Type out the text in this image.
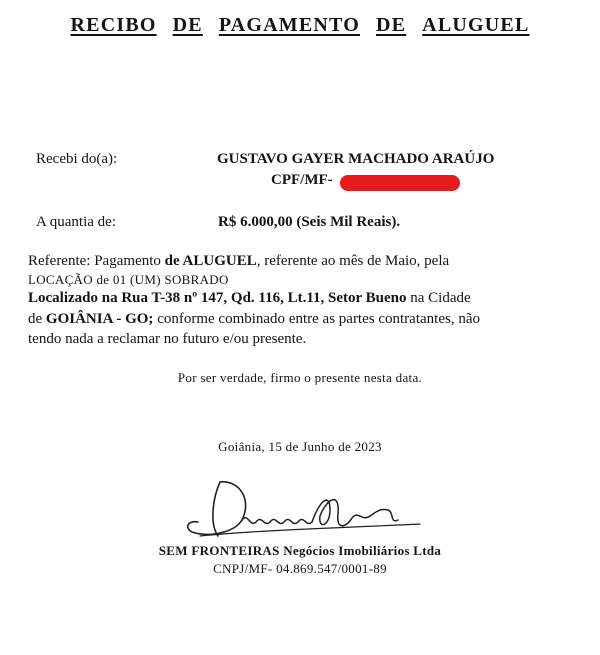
RECIBO DE PAGAMENTO DE ALUGUEL
Recebi do(a):	GUSTAVO GAYER MACHADO ARAÚJO
CPF/MF-
A quantia de:	R$ 6.000,00 (Seis Mil Reais).
Referente: Pagamento de ALUGUEL, referente ao mês de Maio, pela
LOCAÇÃO de 01 (UM) SOBRADO
Localizado na Rua T-38 nº 147, Qd. 116, Lt.11, Setor Bueno na Cidade
de GOIÂNIA - GO; conforme combinado entre as partes contratantes, não
tendo nada a reclamar no futuro e/ou presente.
Por ser verdade, firmo o presente nesta data.
Goiânia, 15 de Junho de 2023
SEM FRONTEIRAS Negócios Imobiliários Ltda
CNPJ/MF- 04.869.547/0001-89
